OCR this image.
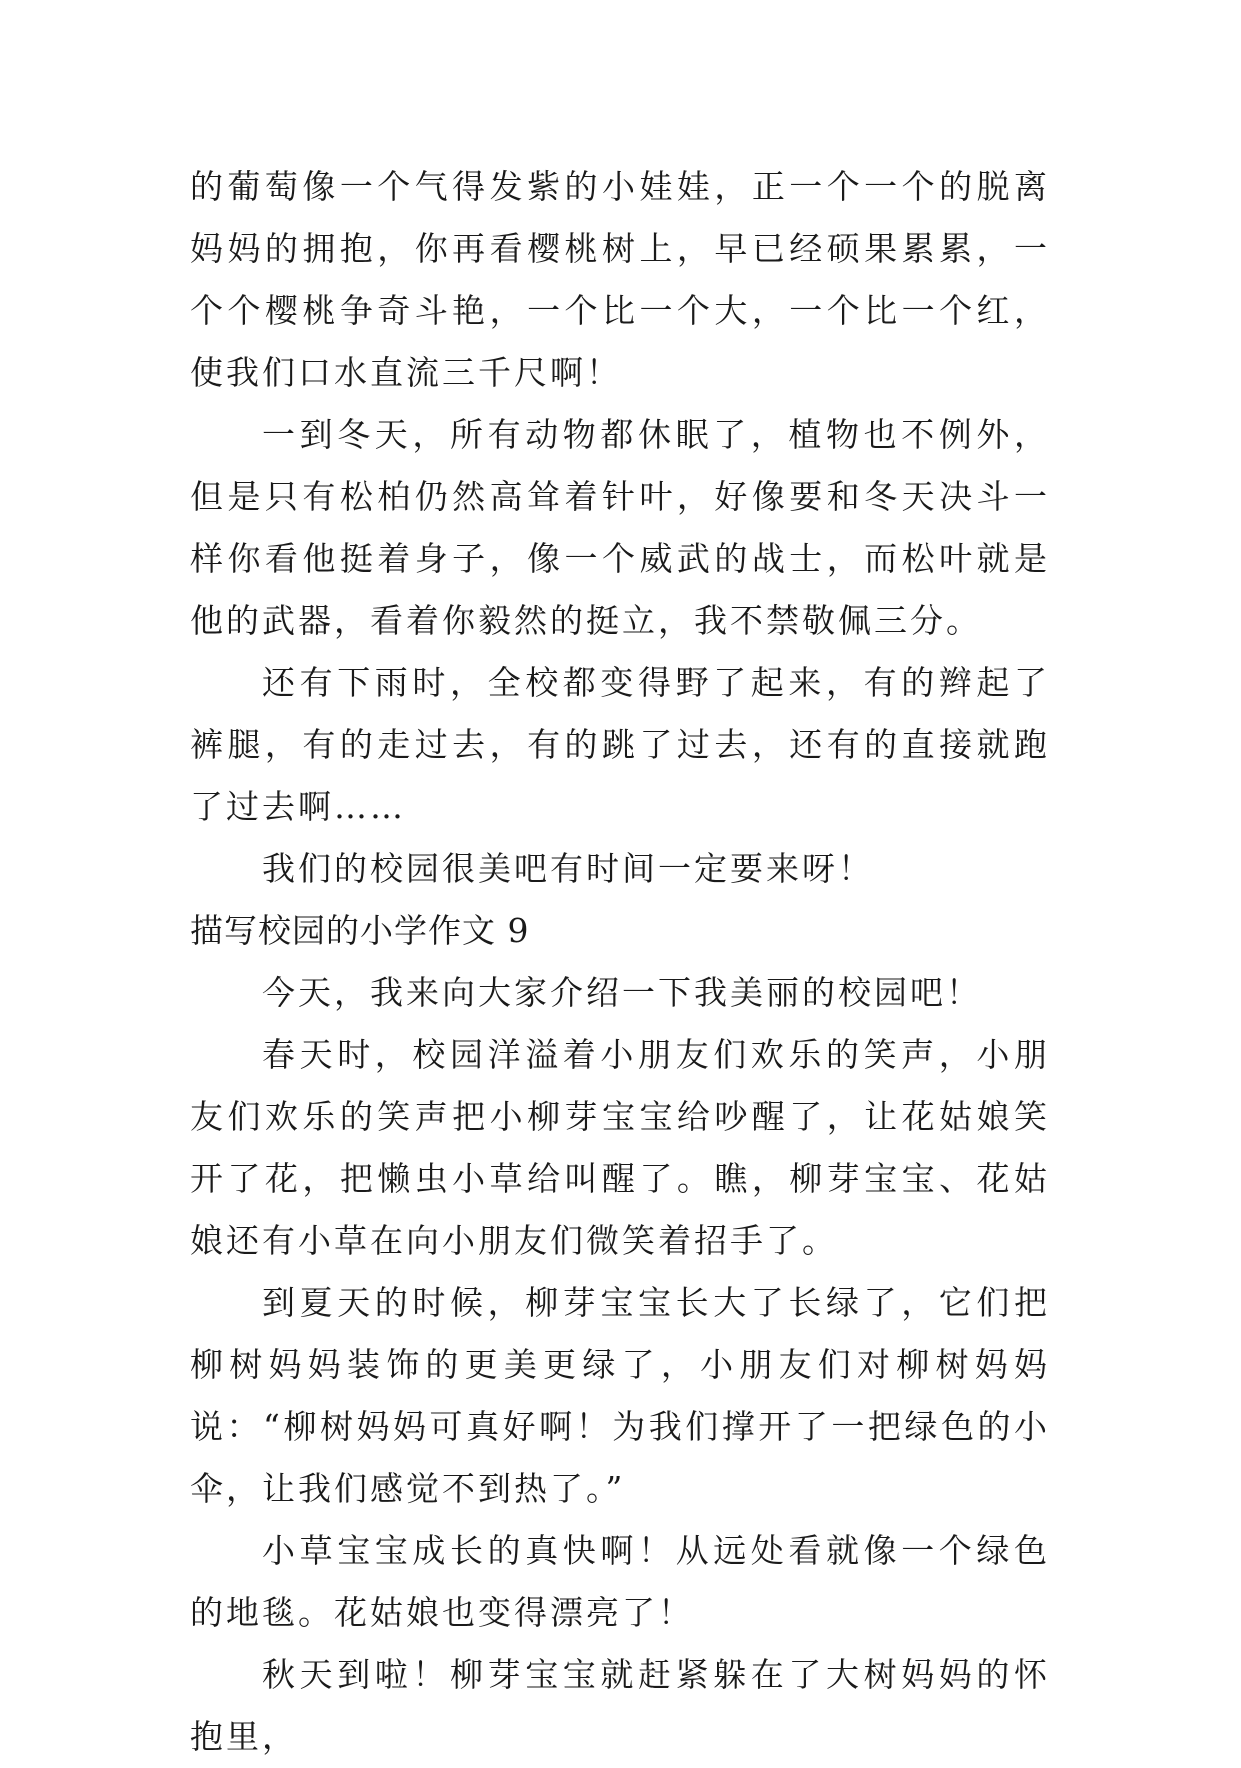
的葡萄像一个气得发紫的小娃娃，正一个一个的脱离妈妈的拥抱，你再看樱桃树上，早已经硕果累累，一个个樱桃争奇斗艳，一个比一个大，一个比一个红，使我们口水直流三千尺啊！

一到冬天，所有动物都休眠了，植物也不例外，但是只有松柏仍然高耸着针叶，好像要和冬天决斗一样你看他挺着身子，像一个威武的战士，而松叶就是他的武器，看着你毅然的挺立，我不禁敬佩三分。

还有下雨时，全校都变得野了起来，有的辫起了裤腿，有的走过去，有的跳了过去，还有的直接就跑了过去啊……

我们的校园很美吧有时间一定要来呀！

描写校园的小学作文 9

今天，我来向大家介绍一下我美丽的校园吧！

春天时，校园洋溢着小朋友们欢乐的笑声，小朋友们欢乐的笑声把小柳芽宝宝给吵醒了，让花姑娘笑开了花，把懒虫小草给叫醒了。瞧，柳芽宝宝、花姑娘还有小草在向小朋友们微笑着招手了。

到夏天的时候，柳芽宝宝长大了长绿了，它们把柳树妈妈装饰的更美更绿了，小朋友们对柳树妈妈说：“柳树妈妈可真好啊！为我们撑开了一把绿色的小伞，让我们感觉不到热了。”

小草宝宝成长的真快啊！从远处看就像一个绿色的地毯。花姑娘也变得漂亮了！

秋天到啦！柳芽宝宝就赶紧躲在了大树妈妈的怀抱里，
